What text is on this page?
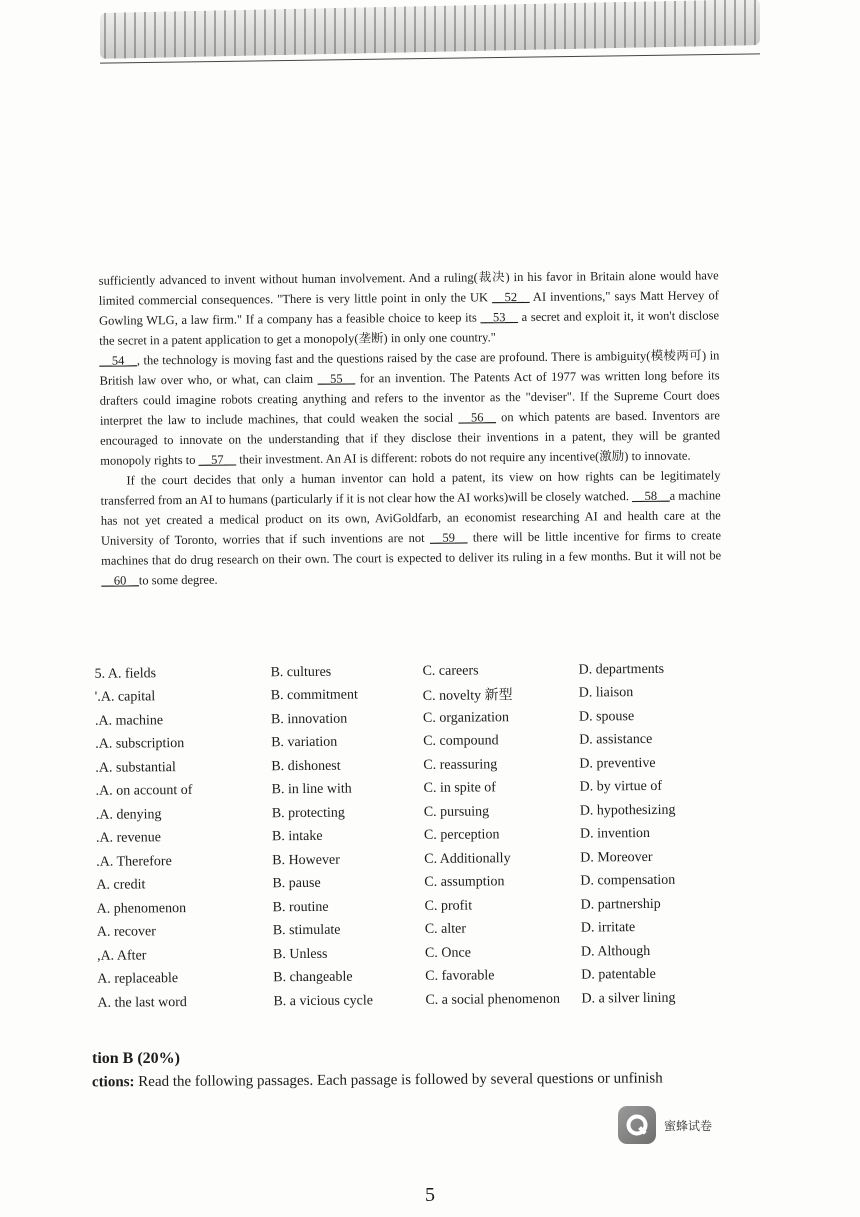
sufficiently advanced to invent without human involvement. And a ruling(裁决) in his favor in Britain alone would have limited commercial consequences. "There is very little point in only the UK __52__ AI inventions," says Matt Hervey of Gowling WLG, a law firm." If a company has a feasible choice to keep its __53__ a secret and exploit it, it won't disclose the secret in a patent application to get a monopoly(垄断) in only one country."

__54__, the technology is moving fast and the questions raised by the case are profound. There is ambiguity(模棱两可) in British law over who, or what, can claim __55__ for an invention. The Patents Act of 1977 was written long before its drafters could imagine robots creating anything and refers to the inventor as the "deviser". If the Supreme Court does interpret the law to include machines, that could weaken the social __56__ on which patents are based. Inventors are encouraged to innovate on the understanding that if they disclose their inventions in a patent, they will be granted monopoly rights to __57__ their investment. An AI is different: robots do not require any incentive(激励) to innovate.

If the court decides that only a human inventor can hold a patent, its view on how rights can be legitimately transferred from an AI to humans (particularly if it is not clear how the AI works)will be closely watched. __58__a machine has not yet created a medical product on its own, AviGoldfarb, an economist researching AI and health care at the University of Toronto, worries that if such inventions are not __59__ there will be little incentive for firms to create machines that do drug research on their own. The court is expected to deliver its ruling in a few months. But it will not be __60__to some degree.

5. A. fields	B. cultures	C. careers	D. departments
'.A. capital	B. commitment	C. novelty 新型	D. liaison
.A. machine	B. innovation	C. organization	D. spouse
.A. subscription	B. variation	C. compound	D. assistance
.A. substantial	B. dishonest	C. reassuring	D. preventive
.A. on account of	B. in line with	C. in spite of	D. by virtue of
.A. denying	B. protecting	C. pursuing	D. hypothesizing
.A. revenue	B. intake	C. perception	D. invention
.A. Therefore	B. However	C. Additionally	D. Moreover
A. credit	B. pause	C. assumption	D. compensation
A. phenomenon	B. routine	C. profit	D. partnership
A. recover	B. stimulate	C. alter	D. irritate
,A. After	B. Unless	C. Once	D. Although
A. replaceable	B. changeable	C. favorable	D. patentable
A. the last word	B. a vicious cycle	C. a social phenomenon	D. a silver lining
tion B (20%)
ctions: Read the following passages. Each passage is followed by several questions or unfinish
蜜蜂试卷
5
